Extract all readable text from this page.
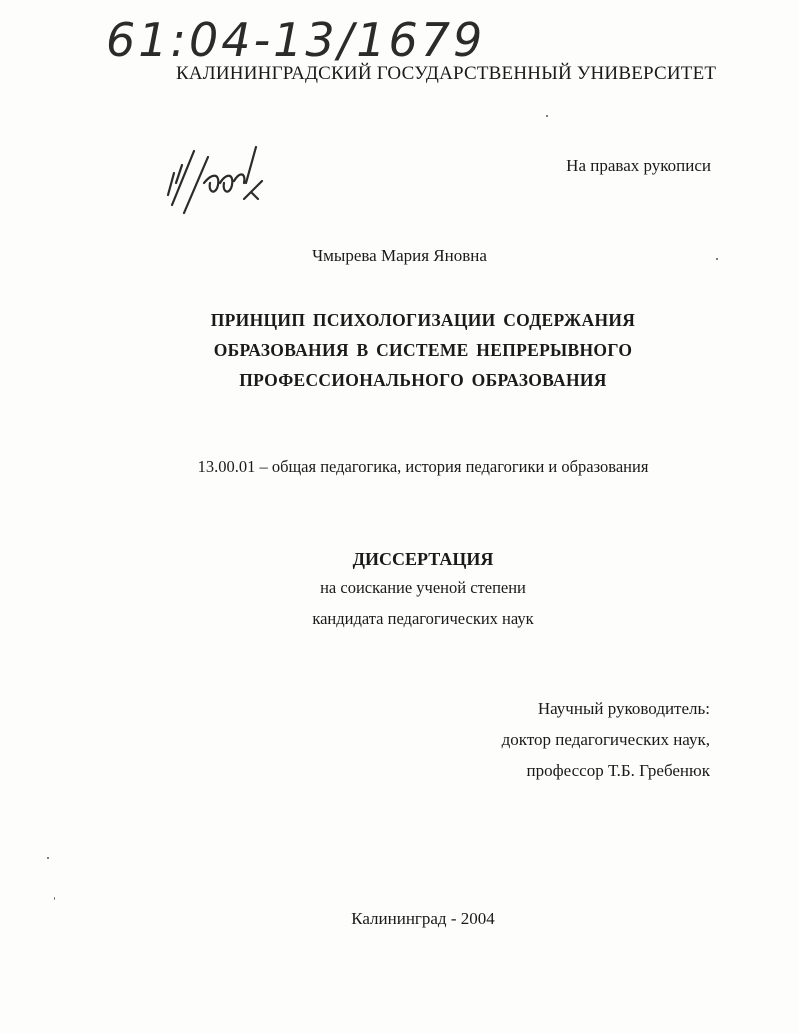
61:04-13/1679
КАЛИНИНГРАДСКИЙ ГОСУДАРСТВЕННЫЙ УНИВЕРСИТЕТ
На правах рукописи
Чмырева Мария Яновна
ПРИНЦИП ПСИХОЛОГИЗАЦИИ СОДЕРЖАНИЯ
ОБРАЗОВАНИЯ В СИСТЕМЕ НЕПРЕРЫВНОГО
ПРОФЕССИОНАЛЬНОГО ОБРАЗОВАНИЯ
13.00.01 – общая педагогика, история педагогики и образования
ДИССЕРТАЦИЯ
на соискание ученой степени
кандидата педагогических наук
Научный руководитель:
доктор педагогических наук,
профессор Т.Б. Гребенюк
Калининград - 2004
